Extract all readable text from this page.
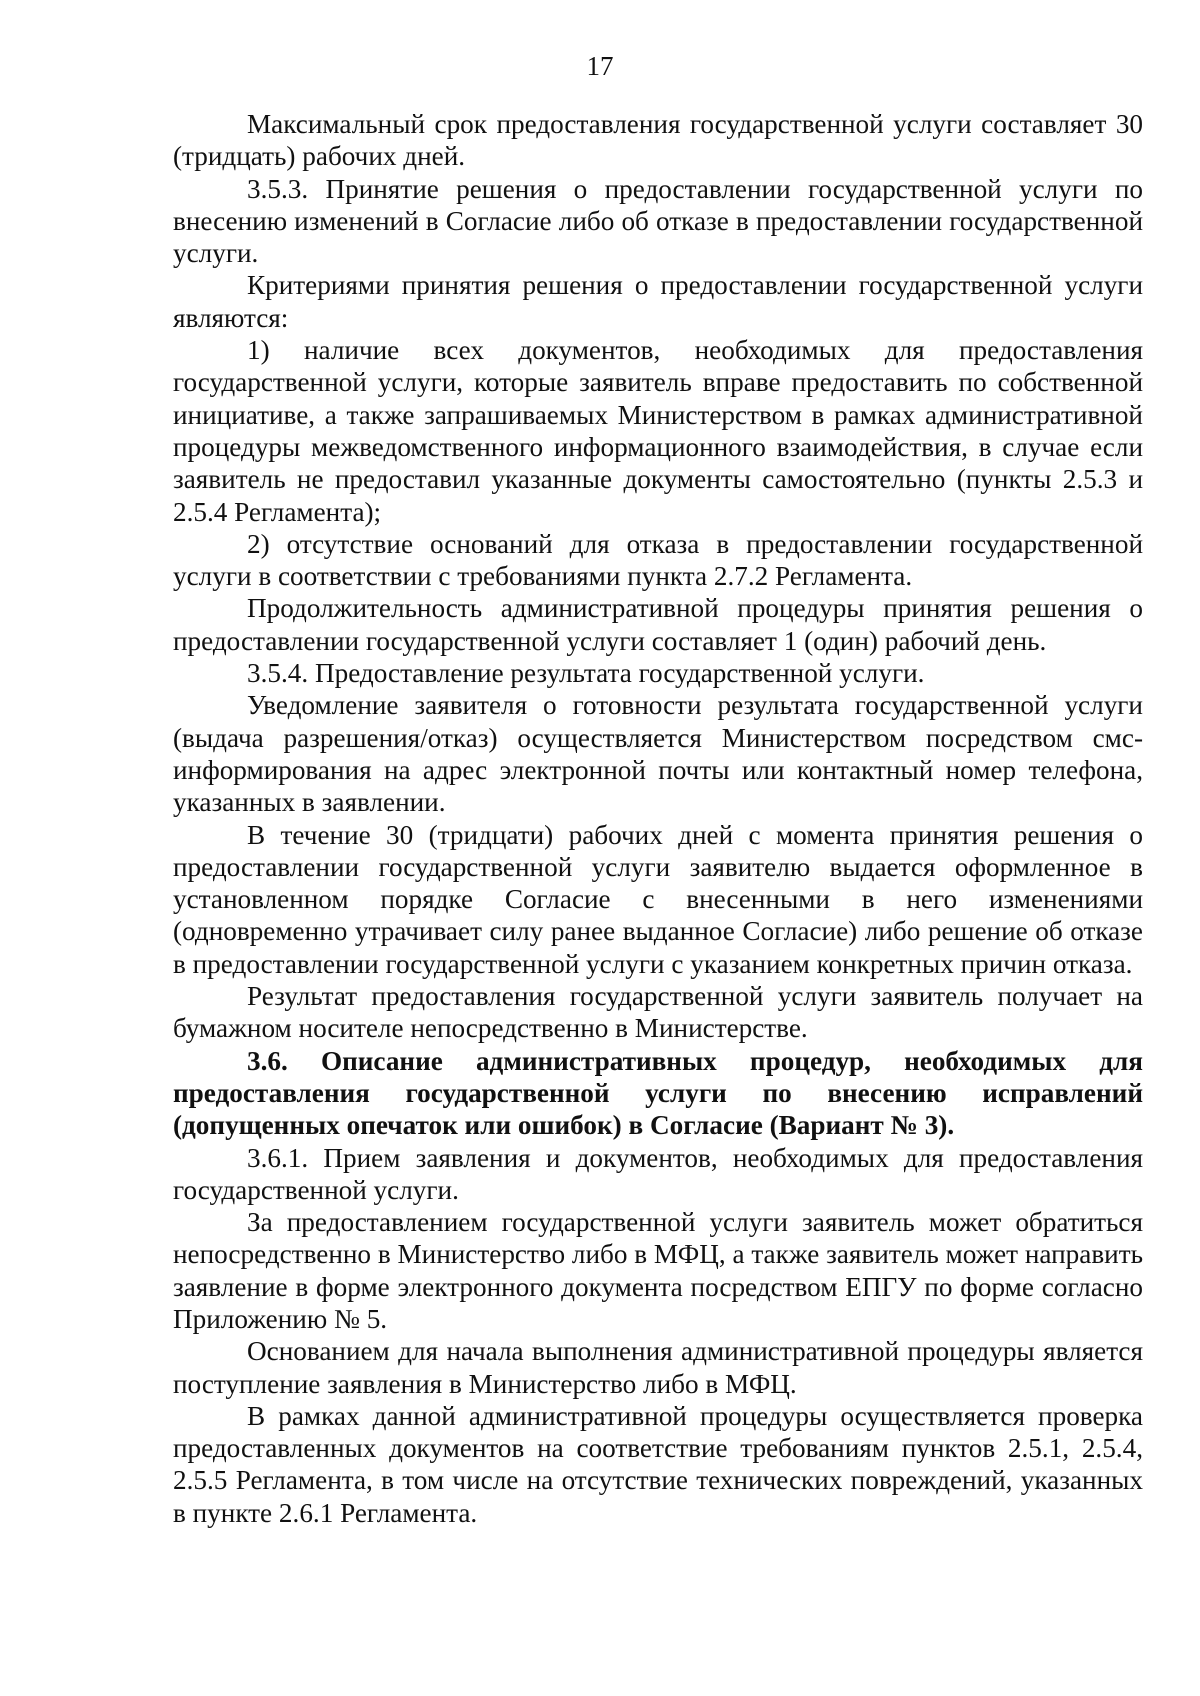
17

Максимальный срок предоставления государственной услуги составляет 30 (тридцать) рабочих дней.

3.5.3. Принятие решения о предоставлении государственной услуги по внесению изменений в Согласие либо об отказе в предоставлении государственной услуги.

Критериями принятия решения о предоставлении государственной услуги являются:

1) наличие всех документов, необходимых для предоставления государственной услуги, которые заявитель вправе предоставить по собственной инициативе, а также запрашиваемых Министерством в рамках административной процедуры межведомственного информационного взаимодействия, в случае если заявитель не предоставил указанные документы самостоятельно (пункты 2.5.3 и 2.5.4 Регламента);

2) отсутствие оснований для отказа в предоставлении государственной услуги в соответствии с требованиями пункта 2.7.2 Регламента.

Продолжительность административной процедуры принятия решения о предоставлении государственной услуги составляет 1 (один) рабочий день.

3.5.4. Предоставление результата государственной услуги.

Уведомление заявителя о готовности результата государственной услуги (выдача разрешения/отказ) осуществляется Министерством посредством смс-информирования на адрес электронной почты или контактный номер телефона, указанных в заявлении.

В течение 30 (тридцати) рабочих дней с момента принятия решения о предоставлении государственной услуги заявителю выдается оформленное в установленном порядке Согласие с внесенными в него изменениями (одновременно утрачивает силу ранее выданное Согласие) либо решение об отказе в предоставлении государственной услуги с указанием конкретных причин отказа.

Результат предоставления государственной услуги заявитель получает на бумажном носителе непосредственно в Министерстве.

3.6. Описание административных процедур, необходимых для предоставления государственной услуги по внесению исправлений (допущенных опечаток или ошибок) в Согласие (Вариант № 3).

3.6.1. Прием заявления и документов, необходимых для предоставления государственной услуги.

За предоставлением государственной услуги заявитель может обратиться непосредственно в Министерство либо в МФЦ, а также заявитель может направить заявление в форме электронного документа посредством ЕПГУ по форме согласно Приложению № 5.

Основанием для начала выполнения административной процедуры является поступление заявления в Министерство либо в МФЦ.

В рамках данной административной процедуры осуществляется проверка предоставленных документов на соответствие требованиям пунктов 2.5.1, 2.5.4, 2.5.5 Регламента, в том числе на отсутствие технических повреждений, указанных в пункте 2.6.1 Регламента.
